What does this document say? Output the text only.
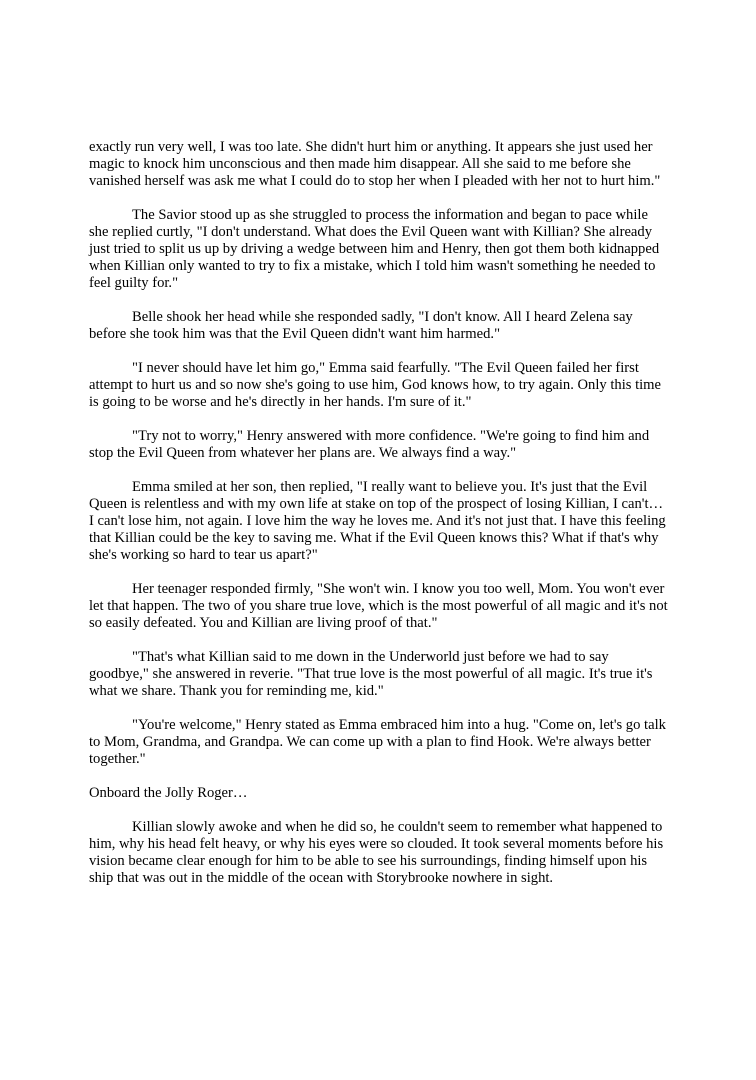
exactly run very well, I was too late. She didn't hurt him or anything. It appears she just used her magic to knock him unconscious and then made him disappear. All she said to me before she vanished herself was ask me what I could do to stop her when I pleaded with her not to hurt him."

The Savior stood up as she struggled to process the information and began to pace while she replied curtly, "I don't understand. What does the Evil Queen want with Killian? She already just tried to split us up by driving a wedge between him and Henry, then got them both kidnapped when Killian only wanted to try to fix a mistake, which I told him wasn't something he needed to feel guilty for."

Belle shook her head while she responded sadly, "I don't know. All I heard Zelena say before she took him was that the Evil Queen didn't want him harmed."

"I never should have let him go," Emma said fearfully. "The Evil Queen failed her first attempt to hurt us and so now she's going to use him, God knows how, to try again. Only this time is going to be worse and he's directly in her hands. I'm sure of it."

"Try not to worry," Henry answered with more confidence. "We're going to find him and stop the Evil Queen from whatever her plans are. We always find a way."

Emma smiled at her son, then replied, "I really want to believe you. It's just that the Evil Queen is relentless and with my own life at stake on top of the prospect of losing Killian, I can't… I can't lose him, not again. I love him the way he loves me. And it's not just that. I have this feeling that Killian could be the key to saving me. What if the Evil Queen knows this? What if that's why she's working so hard to tear us apart?"

Her teenager responded firmly, "She won't win. I know you too well, Mom. You won't ever let that happen. The two of you share true love, which is the most powerful of all magic and it's not so easily defeated. You and Killian are living proof of that."

"That's what Killian said to me down in the Underworld just before we had to say goodbye," she answered in reverie. "That true love is the most powerful of all magic. It's true it's what we share. Thank you for reminding me, kid."

"You're welcome," Henry stated as Emma embraced him into a hug. "Come on, let's go talk to Mom, Grandma, and Grandpa. We can come up with a plan to find Hook. We're always better together."

Onboard the Jolly Roger…

Killian slowly awoke and when he did so, he couldn't seem to remember what happened to him, why his head felt heavy, or why his eyes were so clouded. It took several moments before his vision became clear enough for him to be able to see his surroundings, finding himself upon his ship that was out in the middle of the ocean with Storybrooke nowhere in sight.
